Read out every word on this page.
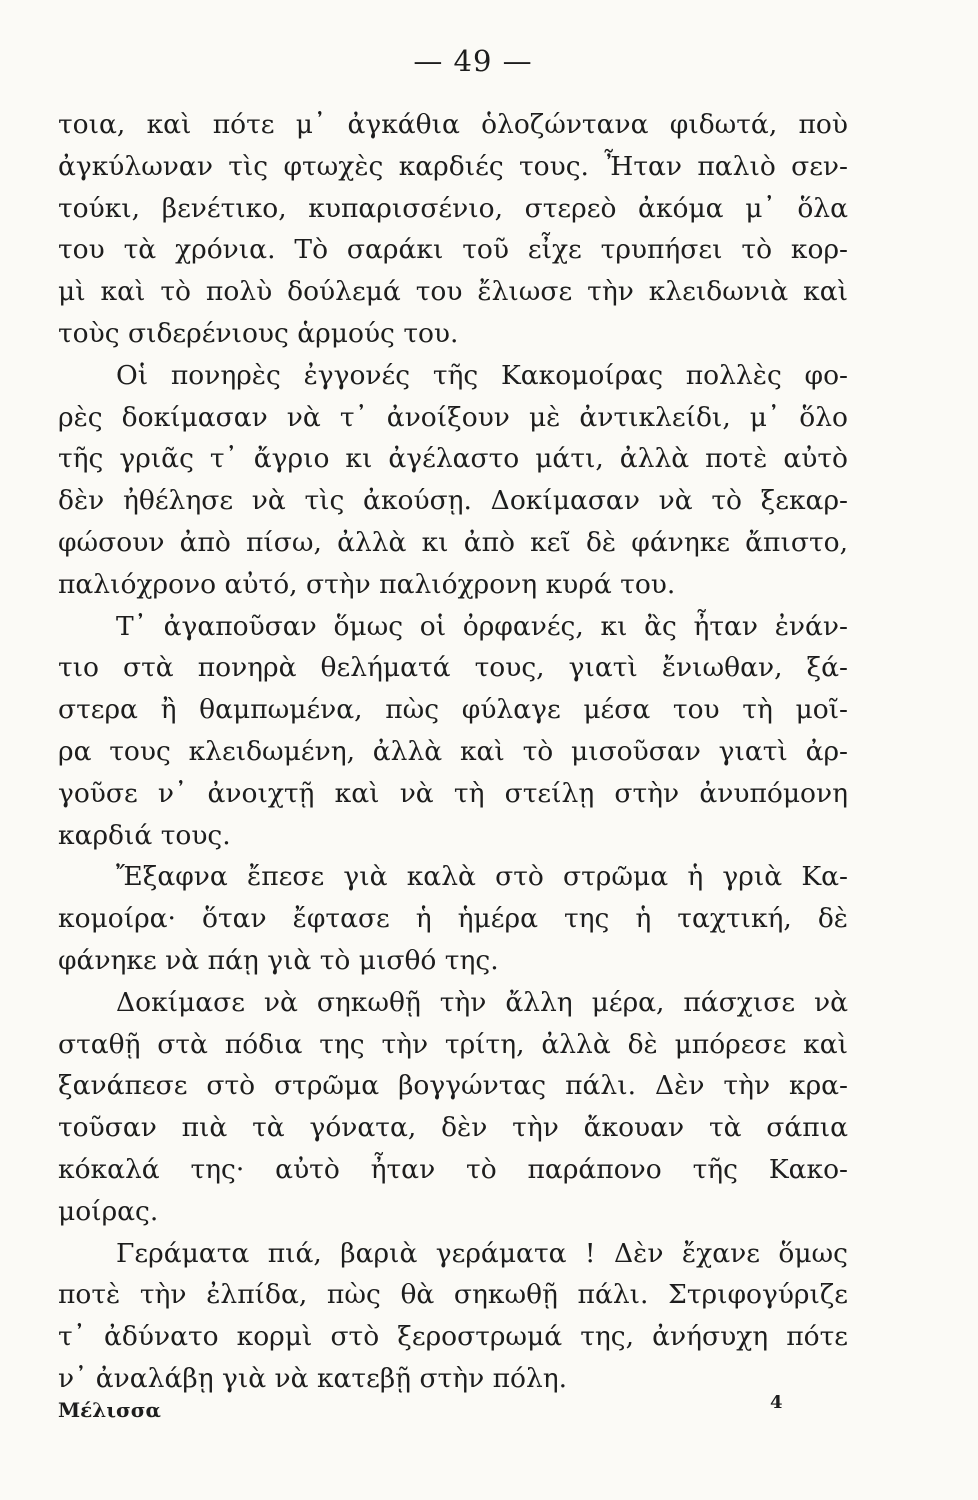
— 49 —
τοια, καὶ πότε μ᾽ ἀγκάθια ὁλοζώντανα φιδωτά, ποὺ
ἀγκύλωναν τὶς φτωχὲς καρδιές τους. Ἦταν παλιὸ σεν-
τούκι, βενέτικο, κυπαρισσένιο, στερεὸ ἀκόμα μ᾽ ὅλα
του τὰ χρόνια. Τὸ σαράκι τοῦ εἶχε τρυπήσει τὸ κορ-
μὶ καὶ τὸ πολὺ δούλεμά του ἔλιωσε τὴν κλειδωνιὰ καὶ
τοὺς σιδερένιους ἁρμούς του.
Οἱ πονηρὲς ἐγγονές τῆς Κακομοίρας πολλὲς φο-
ρὲς δοκίμασαν νὰ τ᾽ ἀνοίξουν μὲ ἀντικλείδι, μ᾽ ὅλο
τῆς γριᾶς τ᾽ ἄγριο κι ἀγέλαστο μάτι, ἀλλὰ ποτὲ αὐτὸ
δὲν ἠθέλησε νὰ τὶς ἀκούσῃ. Δοκίμασαν νὰ τὸ ξεκαρ-
φώσουν ἀπὸ πίσω, ἀλλὰ κι ἀπὸ κεῖ δὲ φάνηκε ἄπιστο,
παλιόχρονο αὐτό, στὴν παλιόχρονη κυρά του.
Τ᾽ ἀγαποῦσαν ὅμως οἱ ὀρφανές, κι ἂς ἦταν ἐνάν-
τιο στὰ πονηρὰ θελήματά τους, γιατὶ ἔνιωθαν, ξά-
στερα ἢ θαμπωμένα, πὼς φύλαγε μέσα του τὴ μοῖ-
ρα τους κλειδωμένη, ἀλλὰ καὶ τὸ μισοῦσαν γιατὶ ἀρ-
γοῦσε ν᾽ ἀνοιχτῇ καὶ νὰ τὴ στείλῃ στὴν ἀνυπόμονη
καρδιά τους.
Ἔξαφνα ἔπεσε γιὰ καλὰ στὸ στρῶμα ἡ γριὰ Κα-
κομοίρα· ὅταν ἔφτασε ἡ ἡμέρα της ἡ ταχτική, δὲ
φάνηκε νὰ πάῃ γιὰ τὸ μισθό της.
Δοκίμασε νὰ σηκωθῇ τὴν ἄλλη μέρα, πάσχισε νὰ
σταθῇ στὰ πόδια της τὴν τρίτη, ἀλλὰ δὲ μπόρεσε καὶ
ξανάπεσε στὸ στρῶμα βογγώντας πάλι. Δὲν τὴν κρα-
τοῦσαν πιὰ τὰ γόνατα, δὲν τὴν ἄκουαν τὰ σάπια
κόκαλά της· αὐτὸ ἦταν τὸ παράπονο τῆς Κακο-
μοίρας.
Γεράματα πιά, βαριὰ γεράματα ! Δὲν ἔχανε ὅμως
ποτὲ τὴν ἐλπίδα, πὼς θὰ σηκωθῇ πάλι. Στριφογύριζε
τ᾽ ἀδύνατο κορμὶ στὸ ξεροστρωμά της, ἀνήσυχη πότε
ν᾽ ἀναλάβῃ γιὰ νὰ κατεβῇ στὴν πόλη.
Μέλισσα	4
